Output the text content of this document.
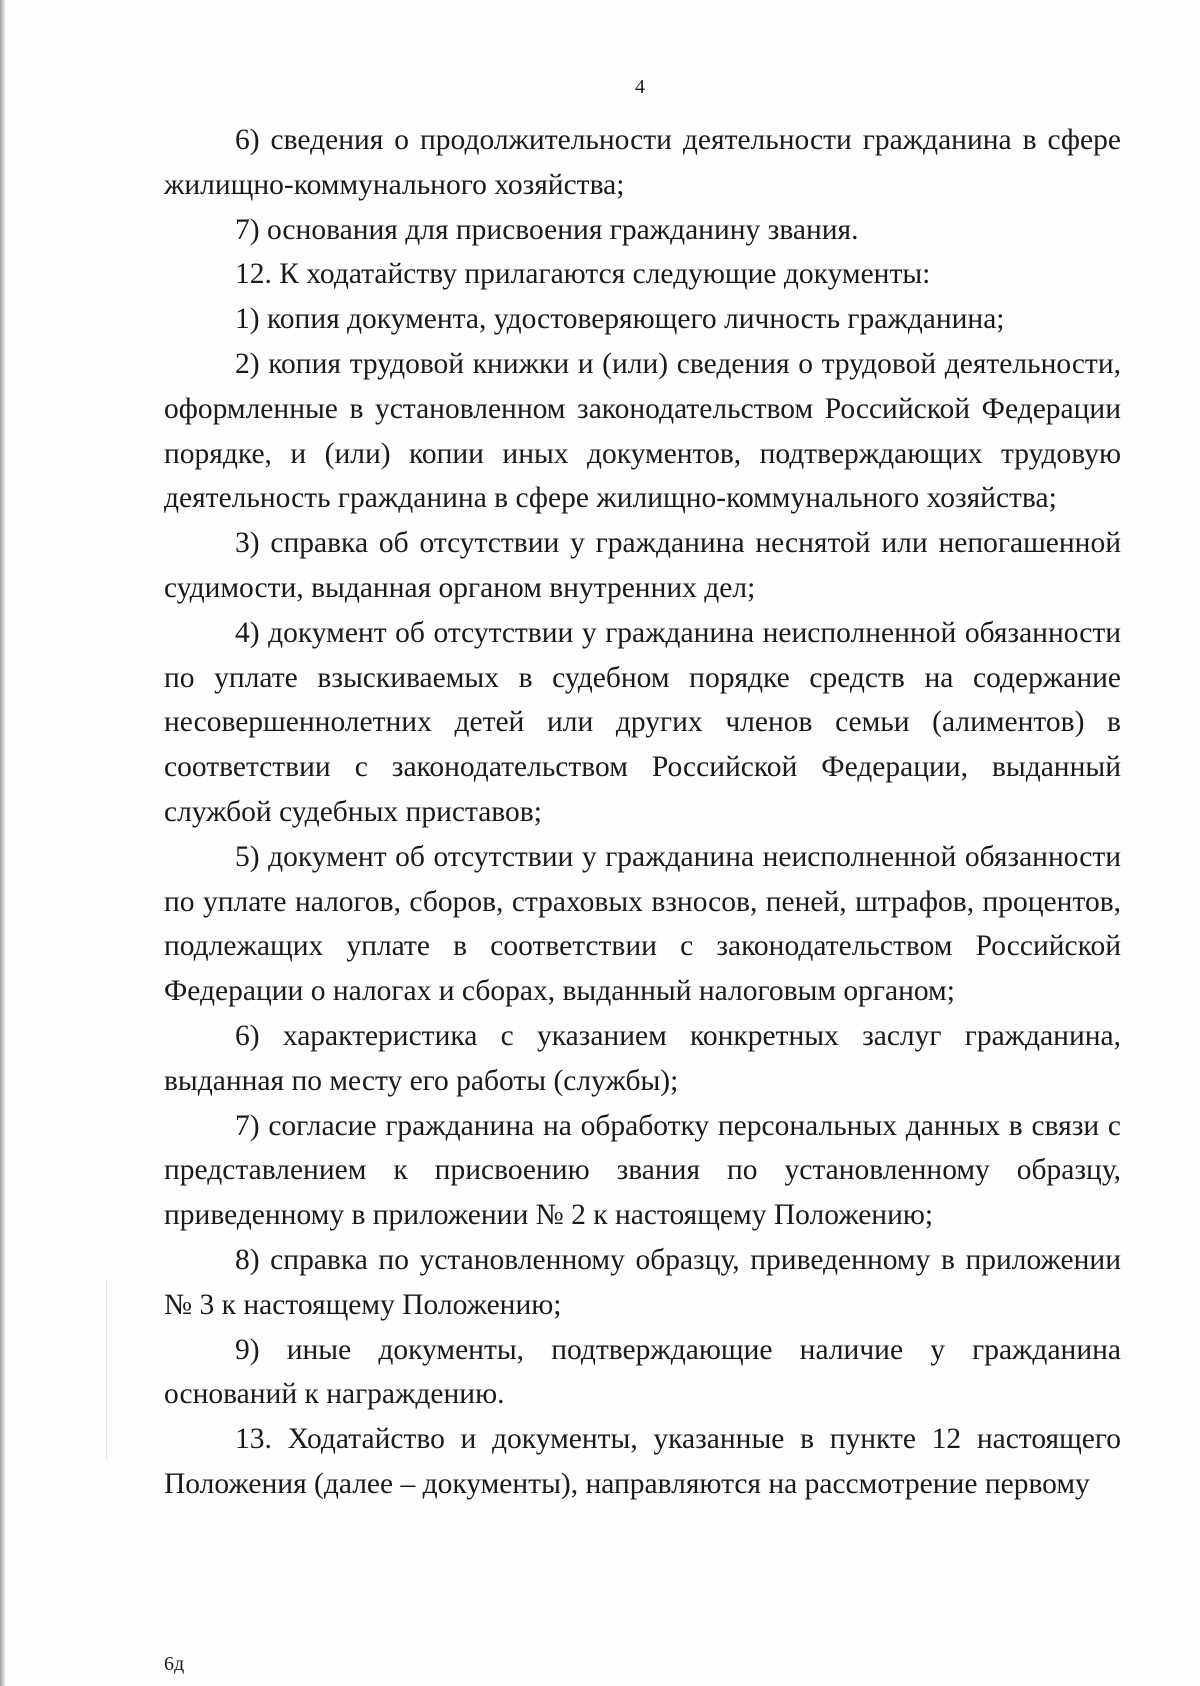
4

6) сведения о продолжительности деятельности гражданина в сфере жилищно-коммунального хозяйства;

7) основания для присвоения гражданину звания.

12. К ходатайству прилагаются следующие документы:

1) копия документа, удостоверяющего личность гражданина;

2) копия трудовой книжки и (или) сведения о трудовой деятельности, оформленные в установленном законодательством Российской Федерации порядке, и (или) копии иных документов, подтверждающих трудовую деятельность гражданина в сфере жилищно-коммунального хозяйства;

3) справка об отсутствии у гражданина неснятой или непогашенной судимости, выданная органом внутренних дел;

4) документ об отсутствии у гражданина неисполненной обязанности по уплате взыскиваемых в судебном порядке средств на содержание несовершеннолетних детей или других членов семьи (алиментов) в соответствии с законодательством Российской Федерации, выданный службой судебных приставов;

5) документ об отсутствии у гражданина неисполненной обязанности по уплате налогов, сборов, страховых взносов, пеней, штрафов, процентов, подлежащих уплате в соответствии с законодательством Российской Федерации о налогах и сборах, выданный налоговым органом;

6) характеристика с указанием конкретных заслуг гражданина, выданная по месту его работы (службы);

7) согласие гражданина на обработку персональных данных в связи с представлением к присвоению звания по установленному образцу, приведенному в приложении № 2 к настоящему Положению;

8) справка по установленному образцу, приведенному в приложении № 3 к настоящему Положению;

9) иные документы, подтверждающие наличие у гражданина оснований к награждению.

13. Ходатайство и документы, указанные в пункте 12 настоящего Положения (далее – документы), направляются на рассмотрение первому

6д
